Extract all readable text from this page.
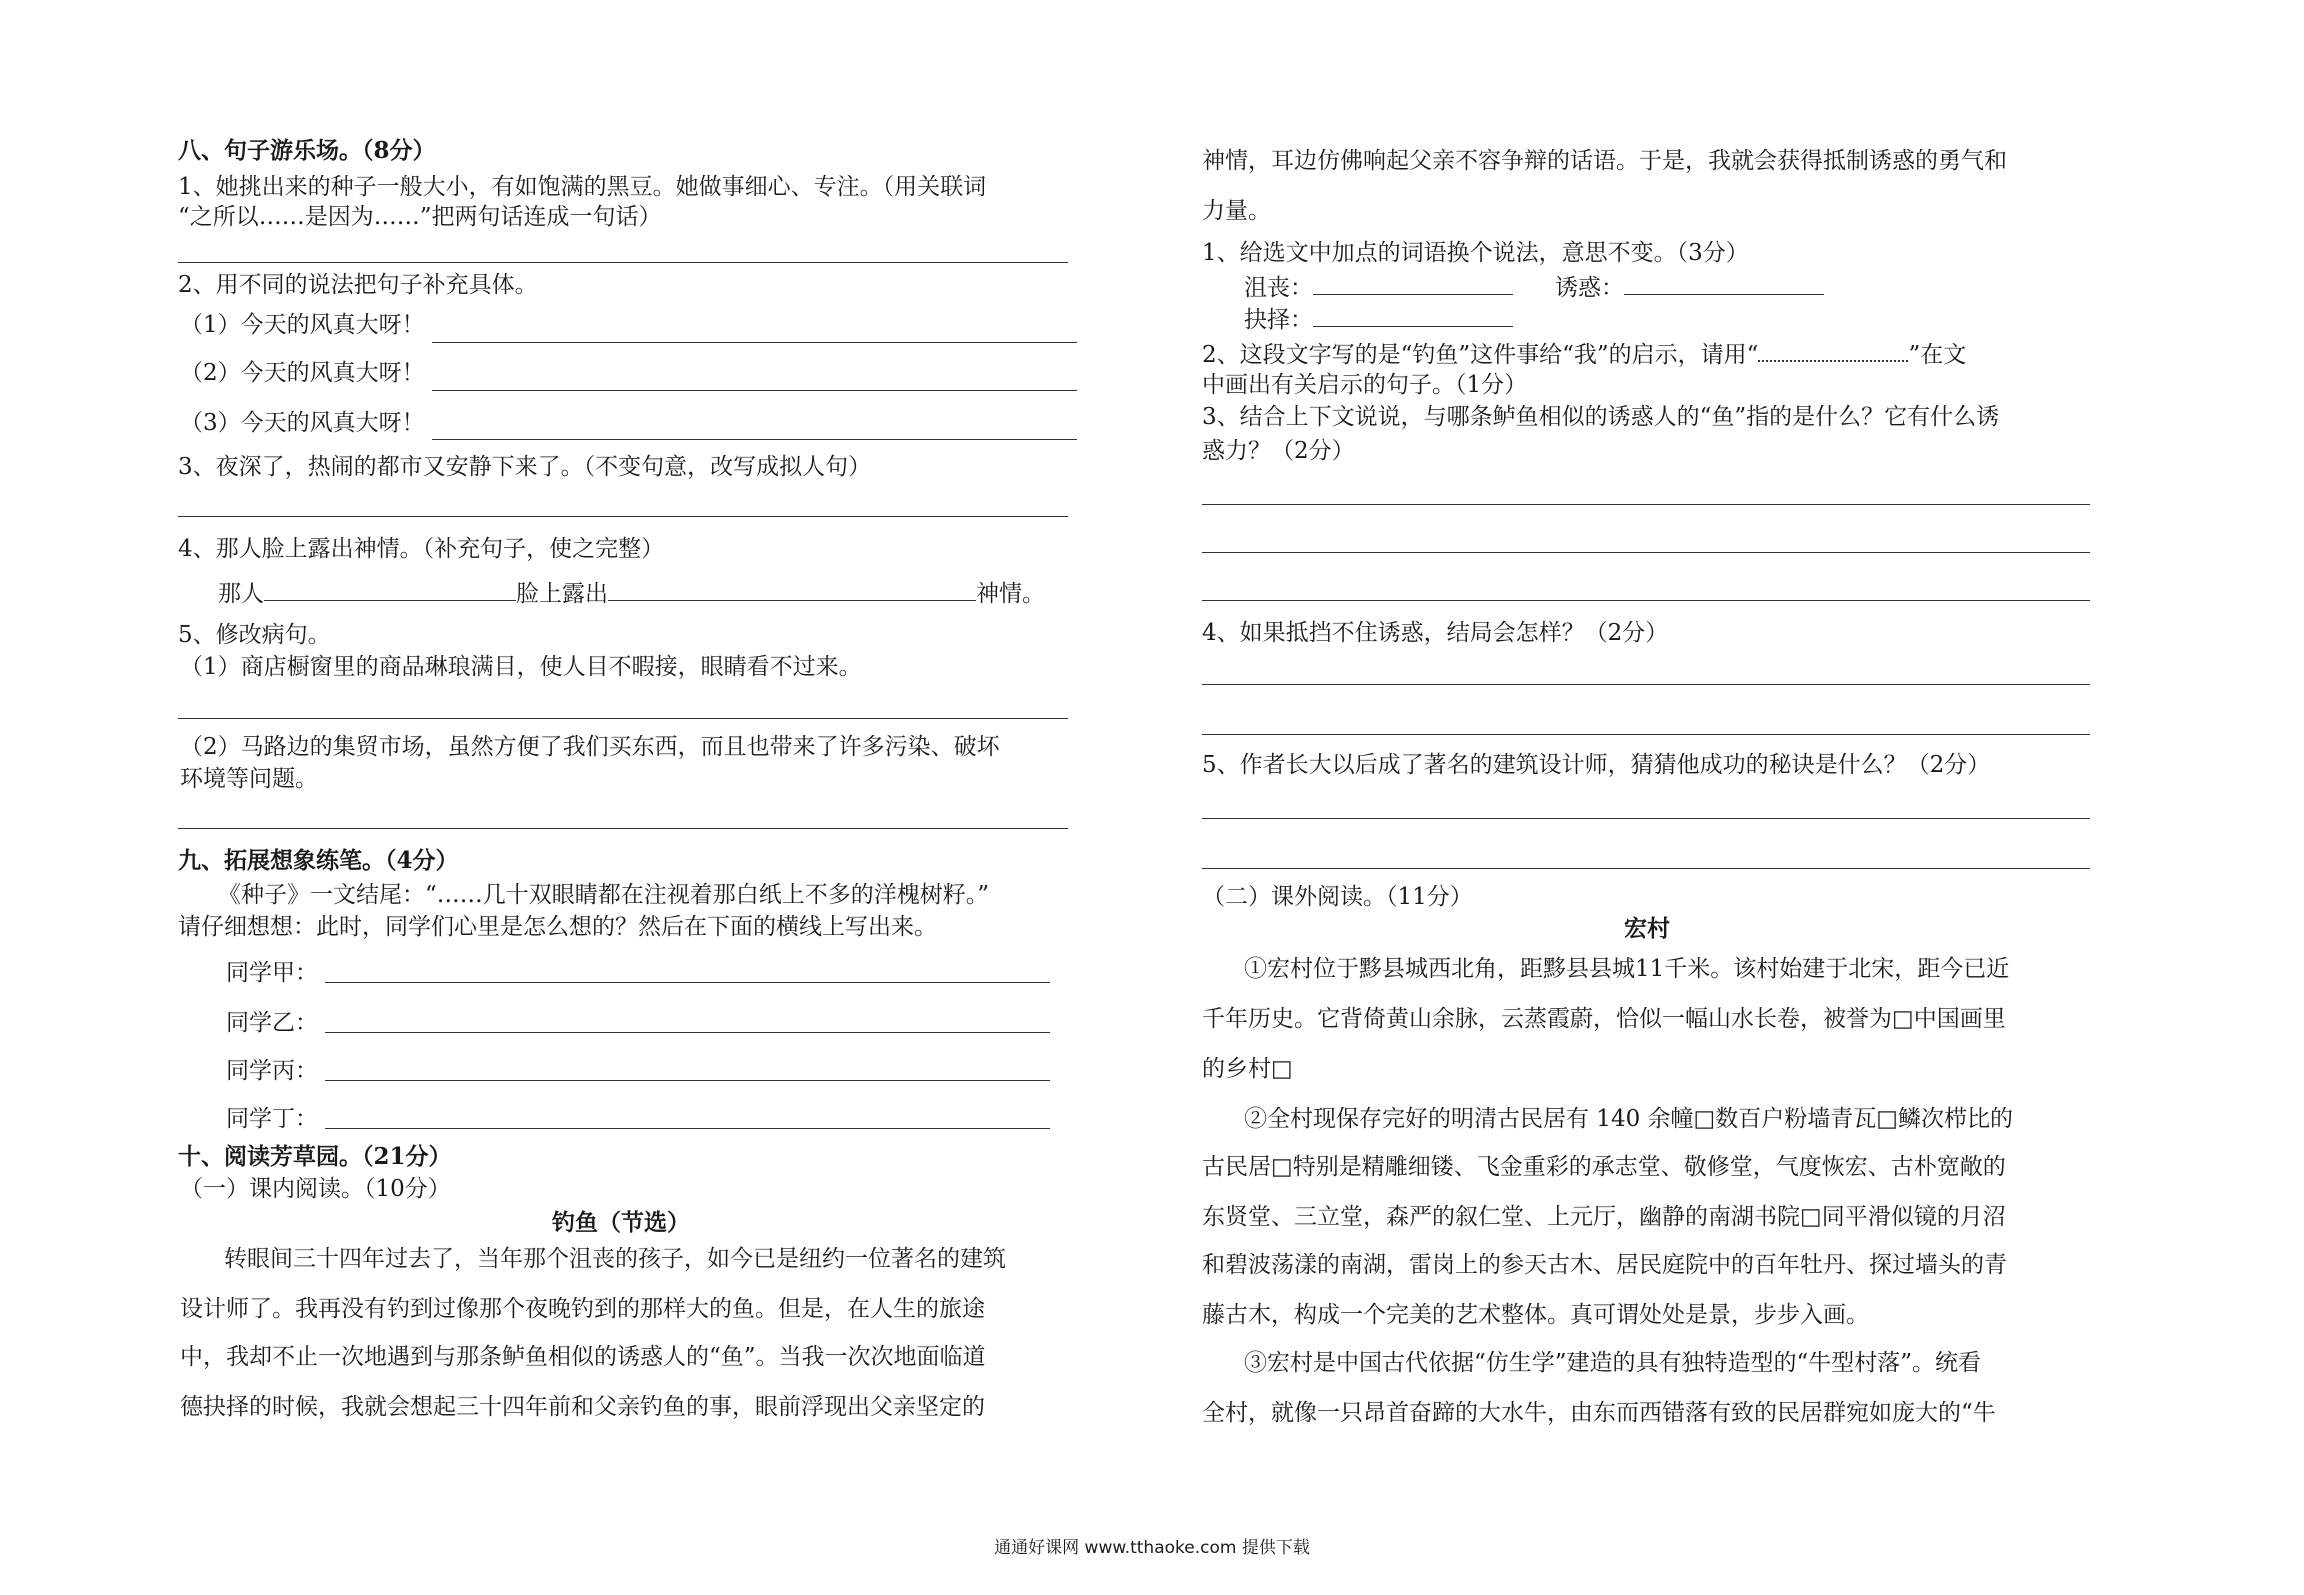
八、句子游乐场。（8分）
1、她挑出来的种子一般大小，有如饱满的黑豆。她做事细心、专注。（用关联词
“之所以……是因为……”把两句话连成一句话）
2、用不同的说法把句子补充具体。
（1）今天的风真大呀！
（2）今天的风真大呀！
（3）今天的风真大呀！
3、夜深了，热闹的都市又安静下来了。（不变句意，改写成拟人句）
4、那人脸上露出神情。（补充句子，使之完整）
那人	脸上露出	神情。
5、修改病句。
（1）商店橱窗里的商品琳琅满目，使人目不暇接，眼睛看不过来。
（2）马路边的集贸市场，虽然方便了我们买东西，而且也带来了许多污染、破坏
环境等问题。
九、拓展想象练笔。（4分）
《种子》一文结尾：“……几十双眼睛都在注视着那白纸上不多的洋槐树籽。”
请仔细想想：此时，同学们心里是怎么想的？然后在下面的横线上写出来。
同学甲：
同学乙：
同学丙：
同学丁：
十、阅读芳草园。（21分）
（一）课内阅读。（10分）
钓鱼（节选）
转眼间三十四年过去了，当年那个沮丧的孩子，如今已是纽约一位著名的建筑
设计师了。我再没有钓到过像那个夜晚钓到的那样大的鱼。但是，在人生的旅途
中，我却不止一次地遇到与那条鲈鱼相似的诱惑人的“鱼”。当我一次次地面临道
德抉择的时候，我就会想起三十四年前和父亲钓鱼的事，眼前浮现出父亲坚定的
神情，耳边仿佛响起父亲不容争辩的话语。于是，我就会获得抵制诱惑的勇气和
力量。
1、给选文中加点的词语换个说法，意思不变。（3分）
沮丧：	诱惑：
抉择：
2、这段文字写的是“钓鱼”这件事给“我”的启示，请用“	”在文
中画出有关启示的句子。（1分）
3、结合上下文说说，与哪条鲈鱼相似的诱惑人的“鱼”指的是什么？它有什么诱
惑力？（2分）
4、如果抵挡不住诱惑，结局会怎样？（2分）
5、作者长大以后成了著名的建筑设计师，猜猜他成功的秘诀是什么？（2分）
（二）课外阅读。（11分）
宏村
①宏村位于黟县城西北角，距黟县县城11千米。该村始建于北宋，距今已近
千年历史。它背倚黄山余脉，云蒸霞蔚，恰似一幅山水长卷，被誉为□中国画里
的乡村□
②全村现保存完好的明清古民居有 140 余幢□数百户粉墙青瓦□鳞次栉比的
古民居□特别是精雕细镂、飞金重彩的承志堂、敬修堂，气度恢宏、古朴宽敞的
东贤堂、三立堂，森严的叙仁堂、上元厅，幽静的南湖书院□同平滑似镜的月沼
和碧波荡漾的南湖，雷岗上的参天古木、居民庭院中的百年牡丹、探过墙头的青
藤古木，构成一个完美的艺术整体。真可谓处处是景，步步入画。
③宏村是中国古代依据“仿生学”建造的具有独特造型的“牛型村落”。统看
全村，就像一只昂首奋蹄的大水牛，由东而西错落有致的民居群宛如庞大的“牛
通通好课网 www.tthaoke.com 提供下载
